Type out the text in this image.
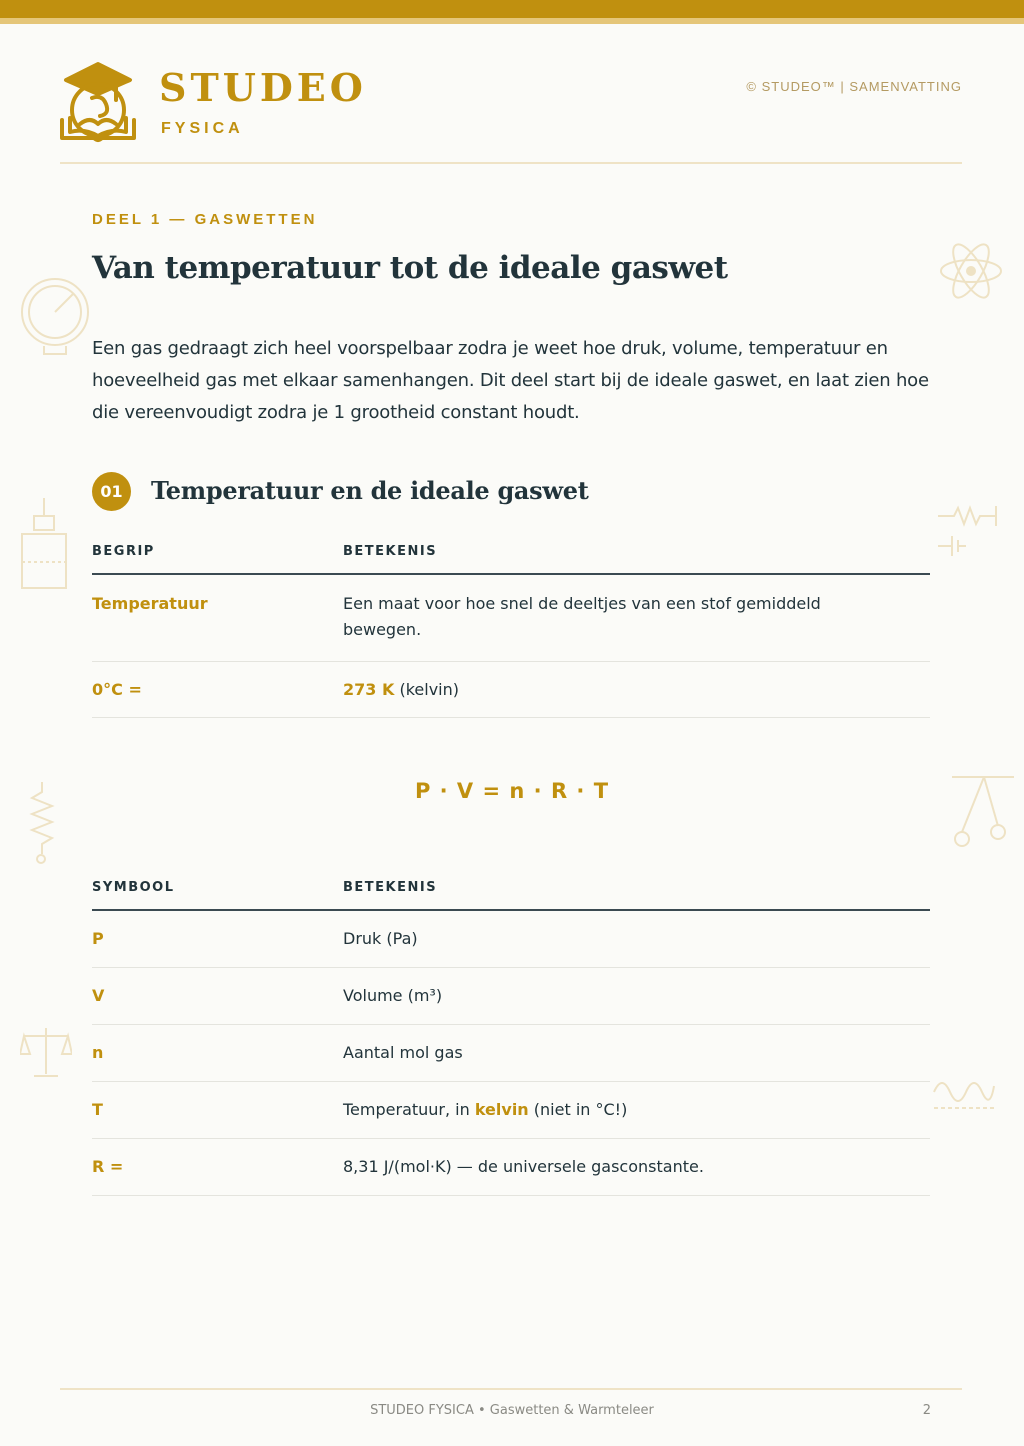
STUDEO
FYSICA
© STUDEO™ | SAMENVATTING
DEEL 1 — GASWETTEN
Van temperatuur tot de ideale gaswet
Een gas gedraagt zich heel voorspelbaar zodra je weet hoe druk, volume, temperatuur en hoeveelheid gas met elkaar samenhangen. Dit deel start bij de ideale gaswet, en laat zien hoe die vereenvoudigt zodra je 1 grootheid constant houdt.
01	Temperatuur en de ideale gaswet
BEGRIP	BETEKENIS
Temperatuur	Een maat voor hoe snel de deeltjes van een stof gemiddeld bewegen.
0°C =	273 K (kelvin)
P · V = n · R · T
SYMBOOL	BETEKENIS
P	Druk (Pa)
V	Volume (m³)
n	Aantal mol gas
T	Temperatuur, in kelvin (niet in °C!)
R =	8,31 J/(mol·K) — de universele gasconstante.
STUDEO FYSICA • Gaswetten & Warmteleer	2
